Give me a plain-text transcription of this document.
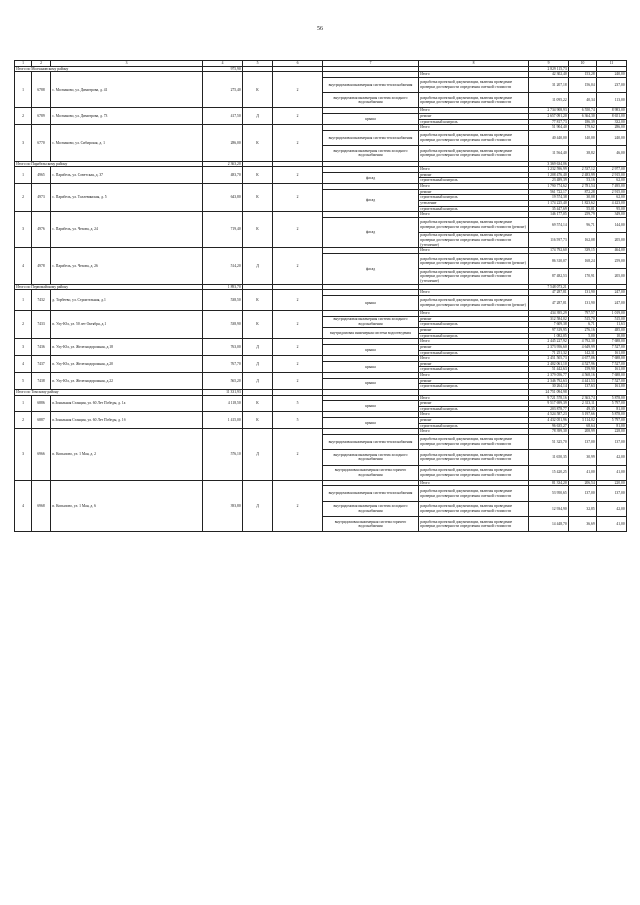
56
1	2	3	4	5	6	7	8	9	10	11
Итого по Молчановскому району			975,90					2 829 115,73		
1	6788	с. Молчаново, ул. Димитрова, д. 41	275,40	К	2		Итого	42 302,40	153,28	240,00
						внутридомовая инженерная система теплоснабжения	разработка проектной документации, включая проведение проверки достоверности определения сметной стоимости	31 207,18	156,04	237,00
						внутридомовая инженерная система холодного водоснабжения	разработка проектной документации, включая проведение проверки достоверности определения сметной стоимости	11 095,22	40,34	113,00
2	6789	с. Молчаново, ул. Димитрова, д. 73	417,50	Д	2		Итого	2 734 908,93	6 550,74	8 983,00
						крыша	ремонт	2 657 091,20	6 364,30	8 651,00
							строительный контроль	77 817,73	186,39	332,00
3	6770	с. Молчаново, ул. Сибирская, д. 1	286,00	К	2		Итого	51 904,40	179,62	286,00
						внутридомовая инженерная система теплоснабжения	разработка проектной документации, включая проведение проверки достоверности определения сметной стоимости	40 440,00	140,00	240,00
						внутридомовая инженерная система холодного водоснабжения	разработка проектной документации, включая проведение проверки достоверности определения сметной стоимости	11 564,40	38,82	46,00
Итого по Парабельскому району			2 363,20					3 369 634,06		
1	4965	с. Парабель, ул. Советская, д. 37	483,70	К	2		Итого	1 232 596,99	2 537,12	2 977,00
						фасад	ремонт	1 208 476,40	2 483,99	2 915,00
							строительный контроль	23 489,39	53,16	62,00
2	4973	с. Парабель, ул. Толлевинская, д. 5	643,80	К	2		Итого	1 790 774,62	2 781,54	7 495,00
						фасад	ремонт	561 722,17	872,28	2 915,00
							строительный контроль	19 574,38	30,08	62,00
							утепление	1 174 225,40	1 823,62	4 423,00
							строительный контроль	35 447,69	55,01	95,00
3	4976	с. Парабель, ул. Чехова, д. 24	719,40	К	2		Итого	146 177,05	259,79	349,00
						фасад	разработка проектной документации, включая проведение проверки достоверности определения сметной стоимости (ремонт)	69 574,14	96,71	144,00
							разработка проектной документации, включая проведение проверки достоверности определения сметной стоимости (утепление)	116 597,73	162,08	205,00
4	4978	с. Парабель, ул. Чехова, д. 26	514,20	Д	2		Итого	174 792,60	339,15	464,00
						фасад	разработка проектной документации, включая проведение проверки достоверности определения сметной стоимости (ремонт)	86 310,07	168,24	259,00
							разработка проектной документации, включая проведение проверки достоверности определения сметной стоимости (утепление)	87 482,53	170,91	205,00
Итого по Первомайскому району			1 893,70					7 548 073,21		
1	7432	д. Торбеево, ул. Строительная, д.1	538,50	К	2		Итого	47 287,81	131,90	247,00
						крыша	разработка проектной документации, включая проведение проверки достоверности определения сметной стоимости (ремонт)	47 287,81	131,90	247,00
2	7433	п. Улу-Юл, ул. 50 лет Октября, д.1	538,90	К	2		Итого	434 395,29	797,57	1 019,00
						внутридомовая инженерная система холодного водоснабжения	ремонт	312 584,02	515,70	515,00
							строительный контроль	7 609,38	6,71	11,63
						внутридомовая инженерная система водоотведения	ремонт	97 319,95	276,16	485,00
							строительный контроль	1 082,05	5,00	10,00
3	7436	п. Улу-Юл, ул. Железнодорожная, д.18	763,00	Д	2		Итого	2 445 227,92	4 792,30	7 688,00
						крыша	ремонт	2 373 956,60	4 649,99	7 527,00
							строительный контроль	71 251,32	142,31	161,00
4	7437	п. Улу-Юл, ул. Железнодорожная, д.20	767,70	Д	2		Итого	2 451 505,73	4 677,06	7 688,00
						крыша	ремонт	2 402 061,10	4 527,96	7 527,00
							строительный контроль	51 442,63	159,90	161,00
5	7438	п. Улу-Юл, ул. Железнодорожная, д.22	565,20	Д	2		Итого	2 379 056,77	4 568,16	7 688,00
						крыша	ремонт	2 346 792,63	4 441,53	7 527,00
							строительный контроль	30 264,14	137,63	161,00
Итого по Томскому району			11 331,93					24 751 094,98		
1	6886	п.Зональная Станция, ул. 60 Лет Победы, д. 1а	4 118,50	К	5		Итого	9 721 578,16	2 363,74	5 878,00
						крыша	ремонт	9 517 699,39	2 313,11	5 797,00
							строительный контроль	203 878,77	49,35	81,00
2	6887	п.Зональная Станция, ул. 60 Лет Победы, д. 1б	1 415,00	К	5		Итого	4 524 587,23	3 197,66	5 878,00
						крыша	ремонт	4 432 051,96	3 114,02	5 797,00
							строительный контроль	96 635,27	68,64	81,00
3	6966	п. Копылово, ул. 1 Мая, д. 2	576,10	Д	2		Итого	78 399,30	208,99	228,00
						внутридомовая инженерная система теплоснабжения	разработка проектной документации, включая проведение проверки достоверности определения сметной стоимости	51 325,70	137,00	137,00
						внутридомовая инженерная система холодного водоснабжения	разработка проектной документации, включая проведение проверки достоверности определения сметной стоимости	11 650,35	30,99	42,00
						внутридомовая инженерная система горячего водоснабжения	разработка проектной документации, включая проведение проверки достоверности определения сметной стоимости	15 420,25	41,00	41,00
4	6968	п. Копылово, ул. 1 Мая, д. 6	393,80	Д	2		Итого	81 334,20	206,54	220,00
						внутридомовая инженерная система теплоснабжения	разработка проектной документации, включая проведение проверки достоверности определения сметной стоимости	53 950,65	137,00	137,00
						внутридомовая инженерная система холодного водоснабжения	разработка проектной документации, включая проведение проверки достоверности определения сметной стоимости	12 934,90	32,85	42,00
						внутридомовая инженерная система горячего водоснабжения	разработка проектной документации, включая проведение проверки достоверности определения сметной стоимости	14 448,70	36,69	41,00
